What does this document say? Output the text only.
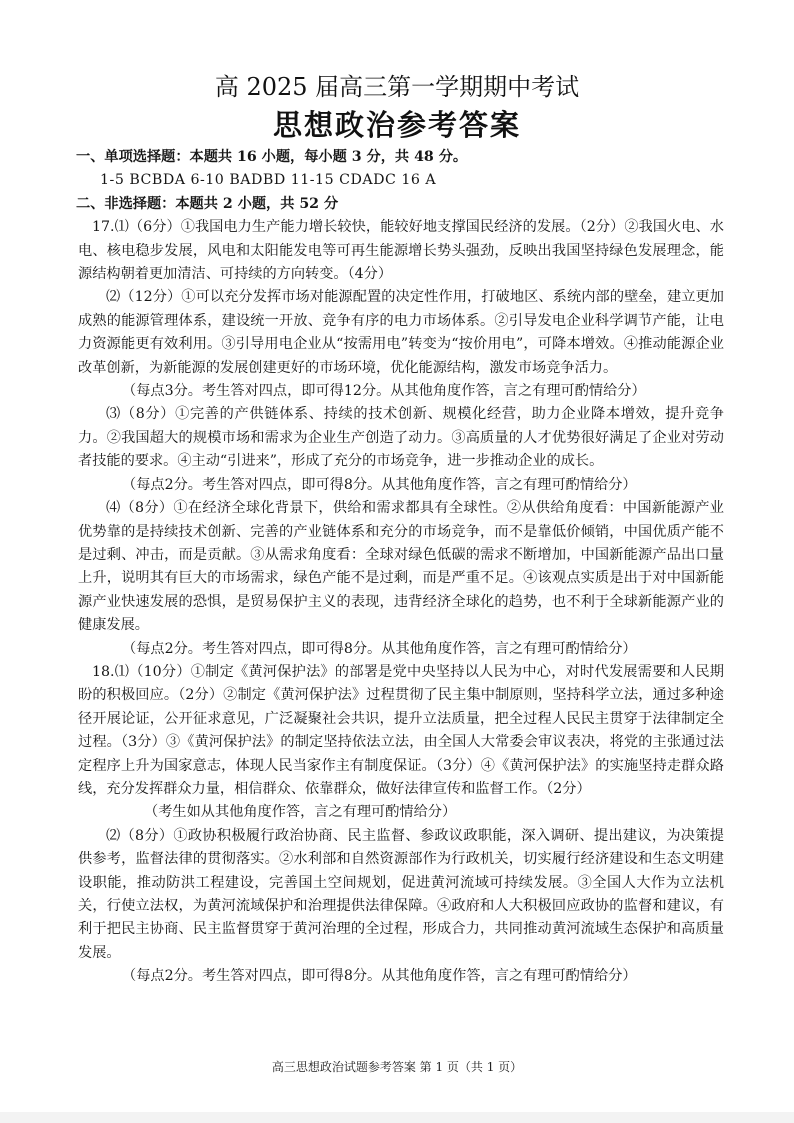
高 2025 届高三第一学期期中考试
思想政治参考答案

一、单项选择题：本题共 16 小题，每小题 3 分，共 48 分。

1-5 BCBDA 6-10 BADBD 11-15 CDADC 16 A

二、非选择题：本题共 2 小题，共 52 分

17.⑴（6分）①我国电力生产能力增长较快，能较好地支撑国民经济的发展。（2分）②我国火电、水电、核电稳步发展，风电和太阳能发电等可再生能源增长势头强劲，反映出我国坚持绿色发展理念，能源结构朝着更加清洁、可持续的方向转变。（4分）

⑵（12分）①可以充分发挥市场对能源配置的决定性作用，打破地区、系统内部的壁垒，建立更加成熟的能源管理体系，建设统一开放、竞争有序的电力市场体系。②引导发电企业科学调节产能，让电力资源能更有效利用。③引导用电企业从“按需用电”转变为“按价用电”，可降本增效。④推动能源企业改革创新，为新能源的发展创建更好的市场环境，优化能源结构，激发市场竞争活力。

（每点3分。考生答对四点，即可得12分。从其他角度作答，言之有理可酌情给分）

⑶（8分）①完善的产供链体系、持续的技术创新、规模化经营，助力企业降本增效，提升竞争力。②我国超大的规模市场和需求为企业生产创造了动力。③高质量的人才优势很好满足了企业对劳动者技能的要求。④主动“引进来”，形成了充分的市场竞争，进一步推动企业的成长。

（每点2分。考生答对四点，即可得8分。从其他角度作答，言之有理可酌情给分）

⑷（8分）①在经济全球化背景下，供给和需求都具有全球性。②从供给角度看：中国新能源产业优势靠的是持续技术创新、完善的产业链体系和充分的市场竞争，而不是靠低价倾销，中国优质产能不是过剩、冲击，而是贡献。③从需求角度看：全球对绿色低碳的需求不断增加，中国新能源产品出口量上升，说明其有巨大的市场需求，绿色产能不是过剩，而是严重不足。④该观点实质是出于对中国新能源产业快速发展的恐惧，是贸易保护主义的表现，违背经济全球化的趋势，也不利于全球新能源产业的健康发展。

（每点2分。考生答对四点，即可得8分。从其他角度作答，言之有理可酌情给分）

18.⑴（10分）①制定《黄河保护法》的部署是党中央坚持以人民为中心，对时代发展需要和人民期盼的积极回应。（2分）②制定《黄河保护法》过程贯彻了民主集中制原则，坚持科学立法，通过多种途径开展论证，公开征求意见，广泛凝聚社会共识，提升立法质量，把全过程人民民主贯穿于法律制定全过程。（3分）③《黄河保护法》的制定坚持依法立法，由全国人大常委会审议表决，将党的主张通过法定程序上升为国家意志，体现人民当家作主有制度保证。（3分）④《黄河保护法》的实施坚持走群众路线，充分发挥群众力量，相信群众、依靠群众，做好法律宣传和监督工作。（2分）

（考生如从其他角度作答，言之有理可酌情给分）

⑵（8分）①政协积极履行政治协商、民主监督、参政议政职能，深入调研、提出建议，为决策提供参考，监督法律的贯彻落实。②水利部和自然资源部作为行政机关，切实履行经济建设和生态文明建设职能，推动防洪工程建设，完善国土空间规划，促进黄河流域可持续发展。③全国人大作为立法机关，行使立法权，为黄河流域保护和治理提供法律保障。④政府和人大积极回应政协的监督和建议，有利于把民主协商、民主监督贯穿于黄河治理的全过程，形成合力，共同推动黄河流域生态保护和高质量发展。

（每点2分。考生答对四点，即可得8分。从其他角度作答，言之有理可酌情给分）

高三思想政治试题参考答案 第 1 页（共 1 页）
